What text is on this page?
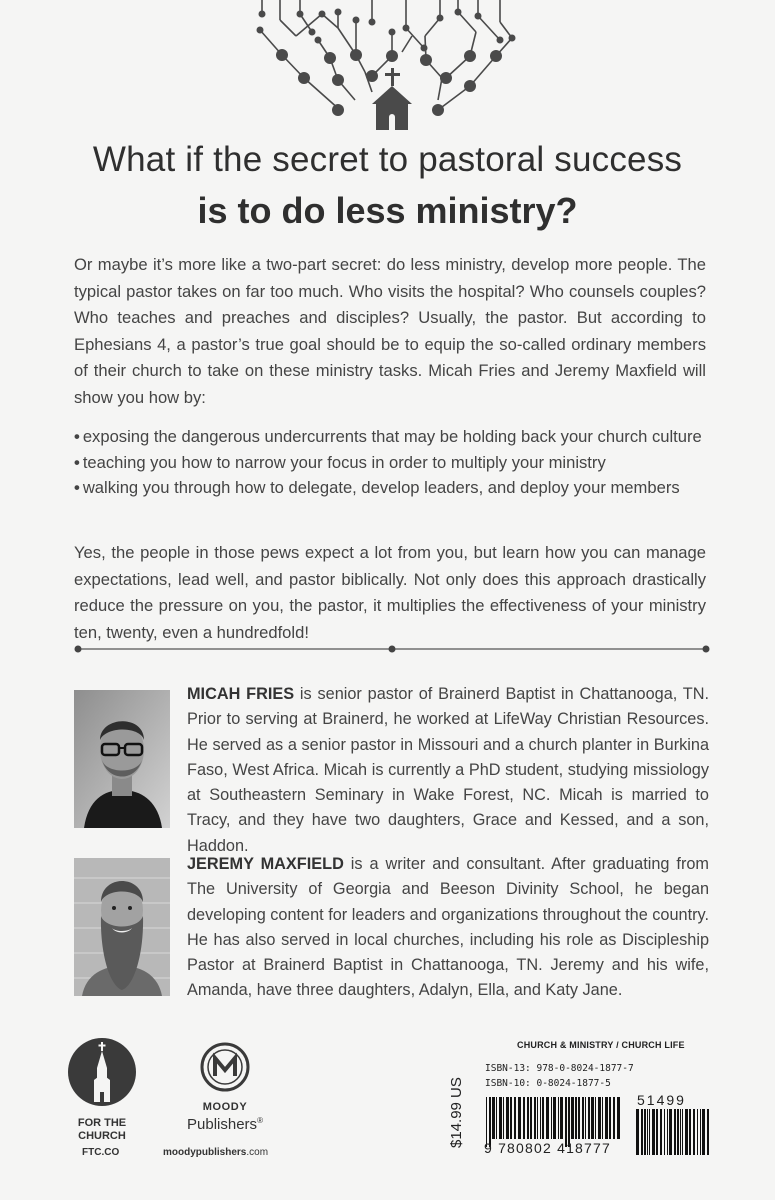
What if the secret to pastoral success
is to do less ministry?

Or maybe it’s more like a two-part secret: do less ministry, develop more people. The typical pastor takes on far too much. Who visits the hospital? Who counsels couples? Who teaches and preaches and disciples? Usually, the pastor. But according to Ephesians 4, a pastor’s true goal should be to equip the so-called ordinary members of their church to take on these ministry tasks. Micah Fries and Jeremy Maxfield will show you how by:

• exposing the dangerous undercurrents that may be holding back your church culture
• teaching you how to narrow your focus in order to multiply your ministry
• walking you through how to delegate, develop leaders, and deploy your members

Yes, the people in those pews expect a lot from you, but learn how you can manage expectations, lead well, and pastor biblically. Not only does this approach drastically reduce the pressure on you, the pastor, it multiplies the effectiveness of your ministry ten, twenty, even a hundredfold!

MICAH FRIES is senior pastor of Brainerd Baptist in Chattanooga, TN. Prior to serving at Brainerd, he worked at LifeWay Christian Resources. He served as a senior pastor in Missouri and a church planter in Burkina Faso, West Africa. Micah is currently a PhD student, studying missiology at Southeastern Seminary in Wake Forest, NC. Micah is married to Tracy, and they have two daughters, Grace and Kessed, and a son, Haddon.

JEREMY MAXFIELD is a writer and consultant. After graduating from The University of Georgia and Beeson Divinity School, he began developing content for leaders and organizations throughout the country. He has also served in local churches, including his role as Discipleship Pastor at Brainerd Baptist in Chattanooga, TN. Jeremy and his wife, Amanda, have three daughters, Adalyn, Ella, and Katy Jane.

FOR THE
CHURCH
FTC.CO
MOODY
Publishers®
moodypublishers.com
CHURCH & MINISTRY / CHURCH LIFE
ISBN-13: 978-0-8024-1877-7
ISBN-10: 0-8024-1877-5
$14.99 US 9 780802 418777
51499
